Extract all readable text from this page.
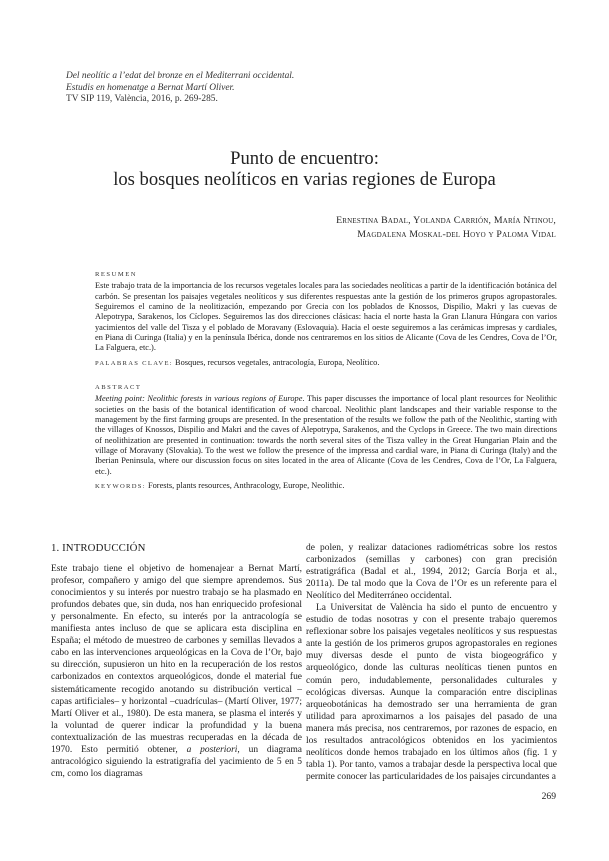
Del neolític a l’edat del bronze en el Mediterrani occidental.
Estudis en homenatge a Bernat Martí Oliver.
TV SIP 119, València, 2016, p. 269-285.
Punto de encuentro:
los bosques neolíticos en varias regiones de Europa
Ernestina Badal, Yolanda Carrión, María Ntinou,
Magdalena Moskal-del Hoyo y Paloma Vidal
RESUMEN
Este trabajo trata de la importancia de los recursos vegetales locales para las sociedades neolíticas a partir de la identificación botánica del carbón. Se presentan los paisajes vegetales neolíticos y sus diferentes respuestas ante la gestión de los primeros grupos agropastorales. Seguiremos el camino de la neolitización, empezando por Grecia con los poblados de Knossos, Dispilio, Makri y las cuevas de Alepotrypa, Sarakenos, los Cíclopes. Seguiremos las dos direcciones clásicas: hacia el norte hasta la Gran Llanura Húngara con varios yacimientos del valle del Tisza y el poblado de Moravany (Eslovaquia). Hacia el oeste seguiremos a las cerámicas impresas y cardiales, en Piana di Curinga (Italia) y en la península Ibérica, donde nos centraremos en los sitios de Alicante (Cova de les Cendres, Cova de l’Or, La Falguera, etc.).
PALABRAS CLAVE: Bosques, recursos vegetales, antracología, Europa, Neolítico.
ABSTRACT
Meeting point: Neolithic forests in various regions of Europe. This paper discusses the importance of local plant resources for Neolithic societies on the basis of the botanical identification of wood charcoal. Neolithic plant landscapes and their variable response to the management by the first farming groups are presented. In the presentation of the results we follow the path of the Neolithic, starting with the villages of Knossos, Dispilio and Makri and the caves of Alepotrypa, Sarakenos, and the Cyclops in Greece. The two main directions of neolithization are presented in continuation: towards the north several sites of the Tisza valley in the Great Hungarian Plain and the village of Moravany (Slovakia). To the west we follow the presence of the impressa and cardial ware, in Piana di Curinga (Italy) and the Iberian Peninsula, where our discussion focus on sites located in the area of Alicante (Cova de les Cendres, Cova de l’Or, La Falguera, etc.).
KEYWORDS: Forests, plants resources, Anthracology, Europe, Neolithic.
1. INTRODUCCIÓN

Este trabajo tiene el objetivo de homenajear a Bernat Martí, profesor, compañero y amigo del que siempre aprendemos. Sus conocimientos y su interés por nuestro trabajo se ha plasmado en profundos debates que, sin duda, nos han enriquecido profesional y personalmente. En efecto, su interés por la antracología se manifiesta antes incluso de que se aplicara esta disciplina en España; el método de muestreo de carbones y semillas llevados a cabo en las intervenciones arqueológicas en la Cova de l’Or, bajo su dirección, supusieron un hito en la recuperación de los restos carbonizados en contextos arqueológicos, donde el material fue sistemáticamente recogido anotando su distribución vertical –capas artificiales– y horizontal –cuadrículas– (Martí Oliver, 1977; Martí Oliver et al., 1980). De esta manera, se plasma el interés y la voluntad de querer indicar la profundidad y la buena contextualización de las muestras recuperadas en la década de 1970. Esto permitió obtener, a posteriori, un diagrama antracológico siguiendo la estratigrafía del yacimiento de 5 en 5 cm, como los diagramas

de polen, y realizar dataciones radiométricas sobre los restos carbonizados (semillas y carbones) con gran precisión estratigráfica (Badal et al., 1994, 2012; García Borja et al., 2011a). De tal modo que la Cova de l’Or es un referente para el Neolítico del Mediterráneo occidental.

La Universitat de València ha sido el punto de encuentro y estudio de todas nosotras y con el presente trabajo queremos reflexionar sobre los paisajes vegetales neolíticos y sus respuestas ante la gestión de los primeros grupos agropastorales en regiones muy diversas desde el punto de vista biogeográfico y arqueológico, donde las culturas neolíticas tienen puntos en común pero, indudablemente, personalidades culturales y ecológicas diversas. Aunque la comparación entre disciplinas arqueobotánicas ha demostrado ser una herramienta de gran utilidad para aproximarnos a los paisajes del pasado de una manera más precisa, nos centraremos, por razones de espacio, en los resultados antracológicos obtenidos en los yacimientos neolíticos donde hemos trabajado en los últimos años (fig. 1 y tabla 1). Por tanto, vamos a trabajar desde la perspectiva local que permite conocer las particularidades de los paisajes circundantes a

269
